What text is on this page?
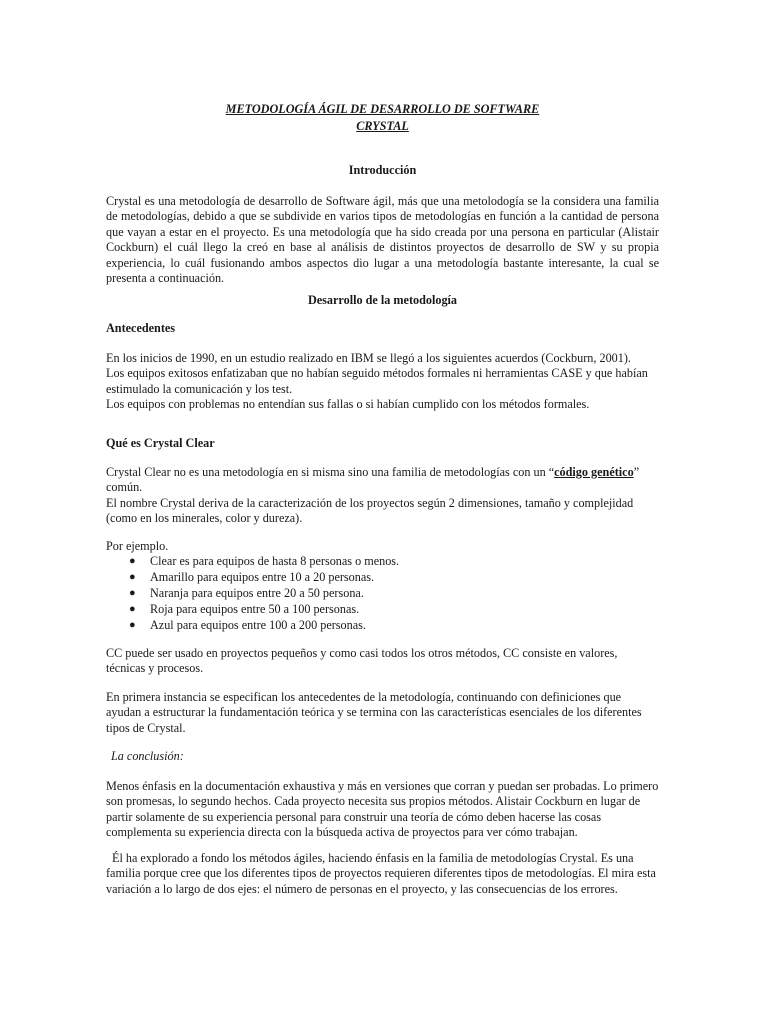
METODOLOGÍA ÁGIL DE DESARROLLO DE SOFTWARE
CRYSTAL
Introducción

Crystal es una metodología de desarrollo de Software ágil, más que una metolodogía se la considera una familia de metodologías, debido a que se subdivide en varios tipos de metodologías en función a la cantidad de persona que vayan a estar en el proyecto. Es una metodología que ha sido creada por una persona en particular (Alistair Cockburn) el cuál llego la creó en base al análisis de distintos proyectos de desarrollo de SW y su propia experiencia, lo cuál fusionando ambos aspectos dio lugar a una metodología bastante interesante, la cual se presenta a continuación.

Desarrollo de la metodología
Antecedentes

En los inicios de 1990, en un estudio realizado en IBM se llegó a los siguientes acuerdos (Cockburn, 2001).

Los equipos exitosos enfatizaban que no habían seguido métodos formales ni herramientas CASE y que habían estimulado la comunicación y los test.

Los equipos con problemas no entendían sus fallas o si habían cumplido con los métodos formales.

Qué es Crystal Clear

Crystal Clear no es una metodología en si misma sino una familia de metodologías con un “código genético” común.

El nombre Crystal deriva de la caracterización de los proyectos según 2 dimensiones, tamaño y complejidad (como en los minerales, color y dureza).

Por ejemplo.

● Clear es para equipos de hasta 8 personas o menos.
● Amarillo para equipos entre 10 a 20 personas.
● Naranja para equipos entre 20 a 50 persona.
● Roja para equipos entre 50 a 100 personas.
● Azul para equipos entre 100 a 200 personas.

CC puede ser usado en proyectos pequeños y como casi todos los otros métodos, CC consiste en valores, técnicas y procesos.

En primera instancia se especifican los antecedentes de la metodología, continuando con definiciones que ayudan a estructurar la fundamentación teórica y se termina con las características esenciales de los diferentes tipos de Crystal.

La conclusión:

Menos énfasis en la documentación exhaustiva y más en versiones que corran y puedan ser probadas. Lo primero son promesas, lo segundo hechos. Cada proyecto necesita sus propios métodos. Alistair Cockburn en lugar de partir solamente de su experiencia personal para construir una teoría de cómo deben hacerse las cosas complementa su experiencia directa con la búsqueda activa de proyectos para ver cómo trabajan.

Él ha explorado a fondo los métodos ágiles, haciendo énfasis en la familia de metodologías Crystal. Es una familia porque cree que los diferentes tipos de proyectos requieren diferentes tipos de metodologías. El mira esta variación a lo largo de dos ejes: el número de personas en el proyecto, y las consecuencias de los errores.
